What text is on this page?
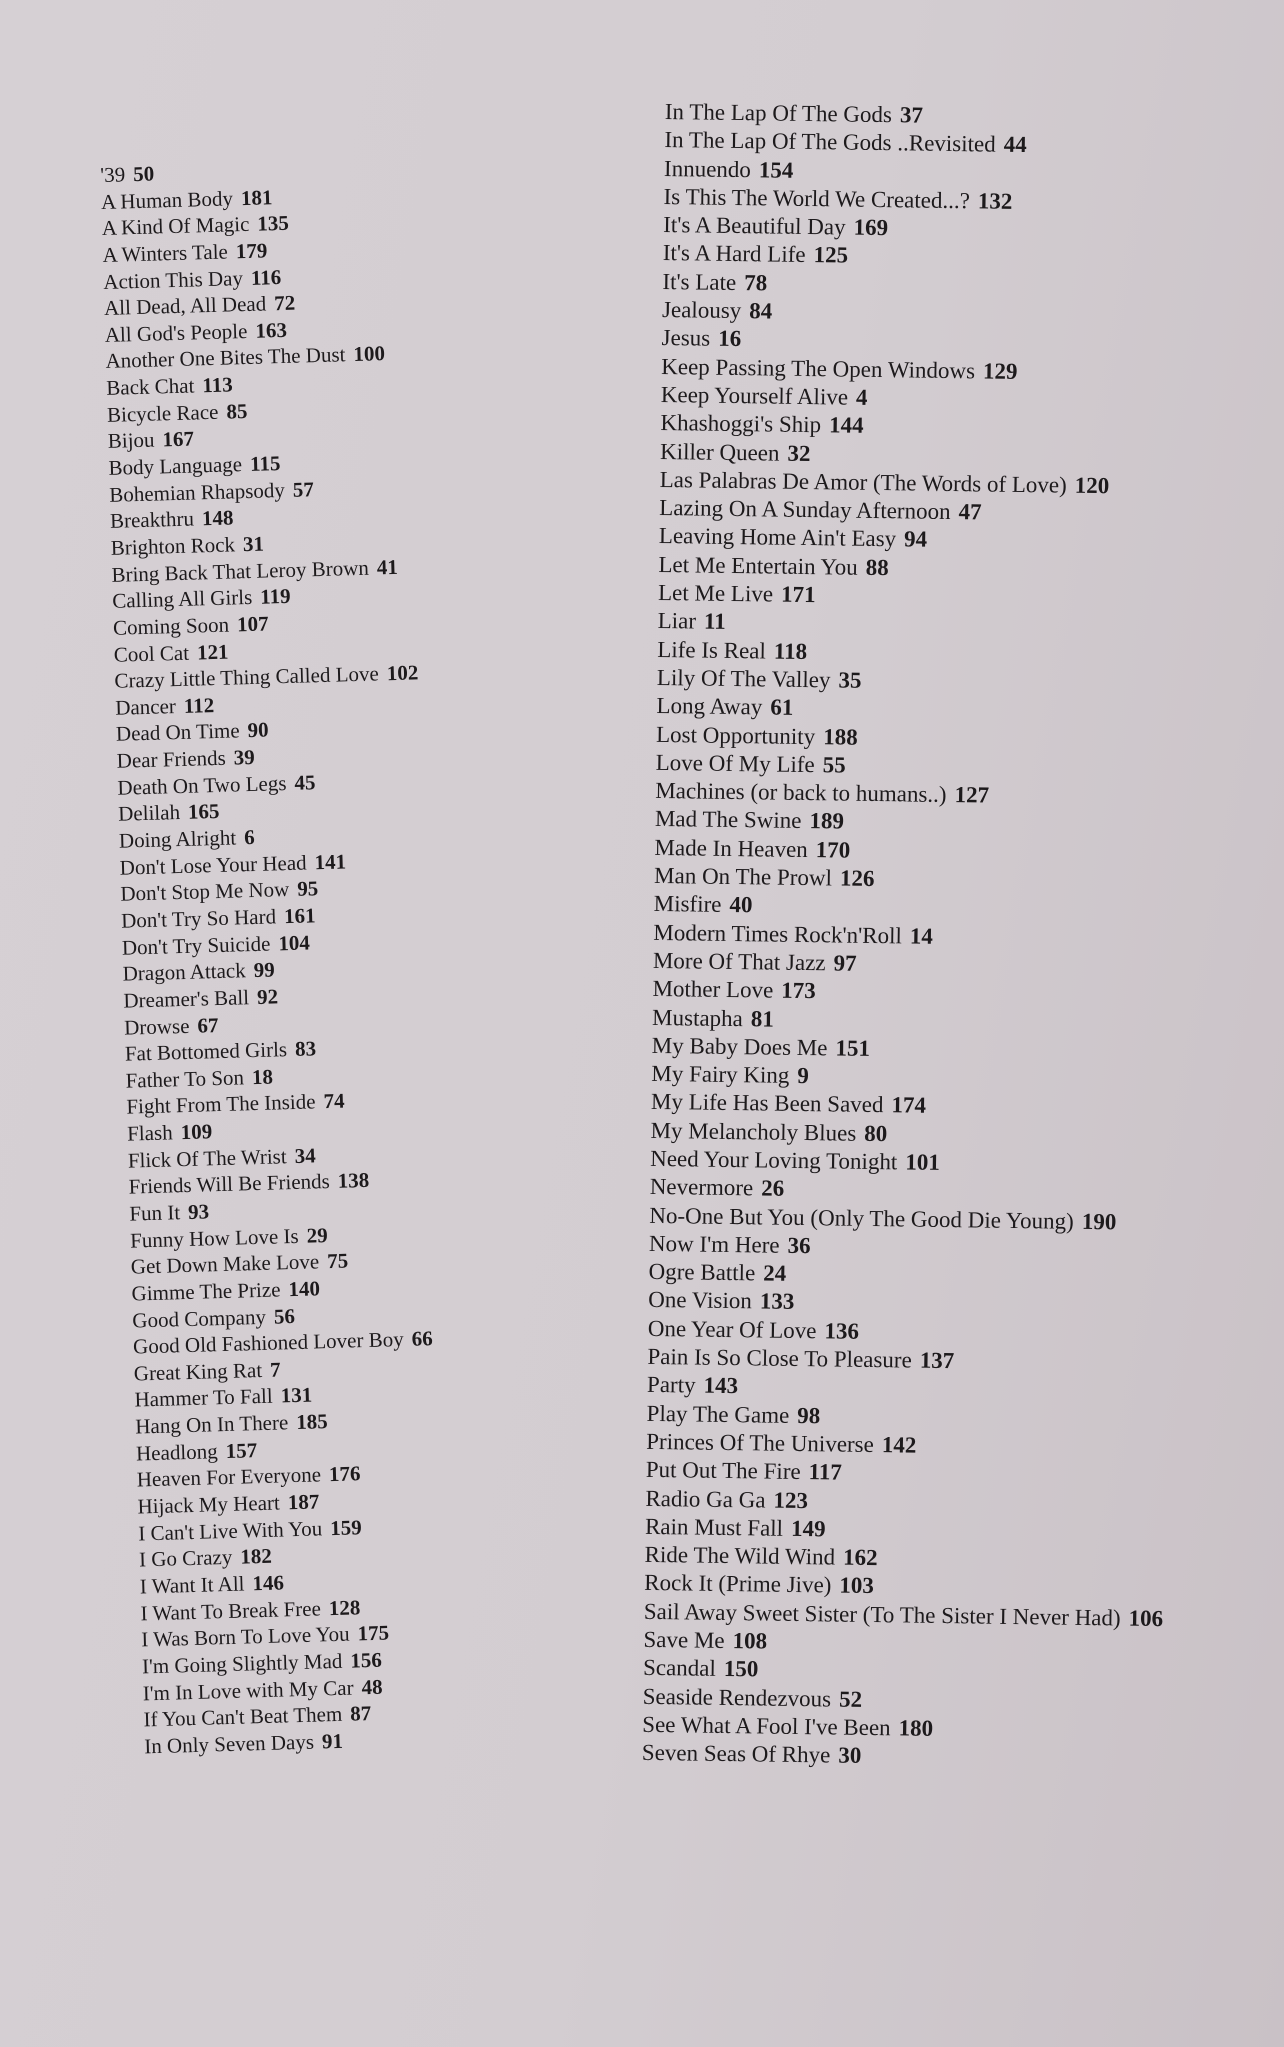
'39 50
A Human Body 181
A Kind Of Magic 135
A Winters Tale 179
Action This Day 116
All Dead, All Dead 72
All God's People 163
Another One Bites The Dust 100
Back Chat 113
Bicycle Race 85
Bijou 167
Body Language 115
Bohemian Rhapsody 57
Breakthru 148
Brighton Rock 31
Bring Back That Leroy Brown 41
Calling All Girls 119
Coming Soon 107
Cool Cat 121
Crazy Little Thing Called Love 102
Dancer 112
Dead On Time 90
Dear Friends 39
Death On Two Legs 45
Delilah 165
Doing Alright 6
Don't Lose Your Head 141
Don't Stop Me Now 95
Don't Try So Hard 161
Don't Try Suicide 104
Dragon Attack 99
Dreamer's Ball 92
Drowse 67
Fat Bottomed Girls 83
Father To Son 18
Fight From The Inside 74
Flash 109
Flick Of The Wrist 34
Friends Will Be Friends 138
Fun It 93
Funny How Love Is 29
Get Down Make Love 75
Gimme The Prize 140
Good Company 56
Good Old Fashioned Lover Boy 66
Great King Rat 7
Hammer To Fall 131
Hang On In There 185
Headlong 157
Heaven For Everyone 176
Hijack My Heart 187
I Can't Live With You 159
I Go Crazy 182
I Want It All 146
I Want To Break Free 128
I Was Born To Love You 175
I'm Going Slightly Mad 156
I'm In Love with My Car 48
If You Can't Beat Them 87
In Only Seven Days 91
In The Lap Of The Gods 37
In The Lap Of The Gods ..Revisited 44
Innuendo 154
Is This The World We Created...? 132
It's A Beautiful Day 169
It's A Hard Life 125
It's Late 78
Jealousy 84
Jesus 16
Keep Passing The Open Windows 129
Keep Yourself Alive 4
Khashoggi's Ship 144
Killer Queen 32
Las Palabras De Amor (The Words of Love) 120
Lazing On A Sunday Afternoon 47
Leaving Home Ain't Easy 94
Let Me Entertain You 88
Let Me Live 171
Liar 11
Life Is Real 118
Lily Of The Valley 35
Long Away 61
Lost Opportunity 188
Love Of My Life 55
Machines (or back to humans..) 127
Mad The Swine 189
Made In Heaven 170
Man On The Prowl 126
Misfire 40
Modern Times Rock'n'Roll 14
More Of That Jazz 97
Mother Love 173
Mustapha 81
My Baby Does Me 151
My Fairy King 9
My Life Has Been Saved 174
My Melancholy Blues 80
Need Your Loving Tonight 101
Nevermore 26
No-One But You (Only The Good Die Young) 190
Now I'm Here 36
Ogre Battle 24
One Vision 133
One Year Of Love 136
Pain Is So Close To Pleasure 137
Party 143
Play The Game 98
Princes Of The Universe 142
Put Out The Fire 117
Radio Ga Ga 123
Rain Must Fall 149
Ride The Wild Wind 162
Rock It (Prime Jive) 103
Sail Away Sweet Sister (To The Sister I Never Had) 106
Save Me 108
Scandal 150
Seaside Rendezvous 52
See What A Fool I've Been 180
Seven Seas Of Rhye 30
